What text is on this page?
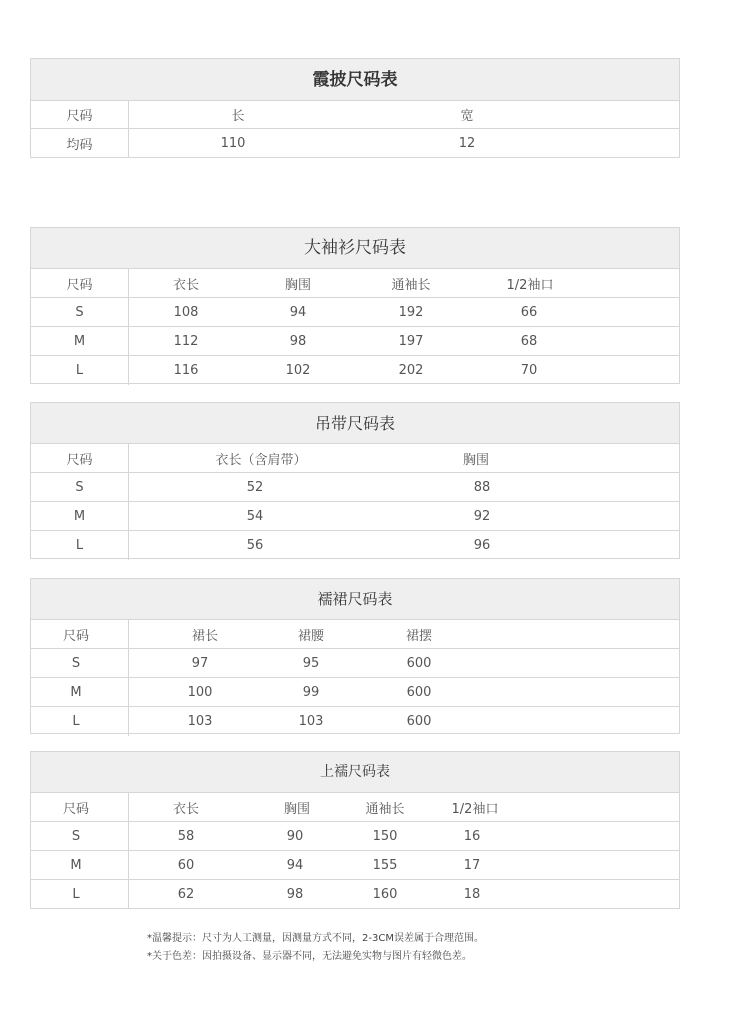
霞披尺码表
尺码	长	宽
均码	110	12
大袖衫尺码表
尺码	衣长	胸围	通袖长	1/2袖口
S	108	94	192	66
M	112	98	197	68
L	116	102	202	70
吊带尺码表
尺码	衣长（含肩带）	胸围
S	52	88
M	54	92
L	56	96
襦裙尺码表
尺码	裙长	裙腰	裙摆
S	97	95	600
M	100	99	600
L	103	103	600
上襦尺码表
尺码	衣长	胸围	通袖长	1/2袖口
S	58	90	150	16
M	60	94	155	17
L	62	98	160	18
*温馨提示：尺寸为人工测量，因测量方式不同，2-3CM误差属于合理范围。
*关于色差：因拍摄设备、显示器不同，无法避免实物与图片有轻微色差。
